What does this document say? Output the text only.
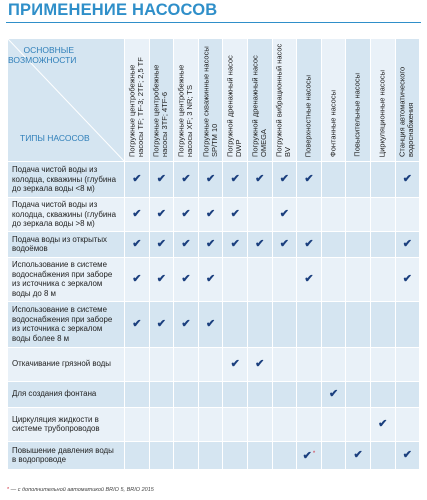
ПРИМЕНЕНИЕ НАСОСОВ
ОСНОВНЫЕ ВОЗМОЖНОСТИ
ТИПЫ НАСОСОВ	Погружные центробежные насосы TF; TF-3; 2TF; 2,5 TF	Погружные центробежные насосы 3TF; 4TF-6	Погружные центробежные насосы XF; 3 NR; TS	Погружные скважинные насосы SP/TM 10	Погружной дренажный насос DWP	Погружной дренажный насос OMEGA	Погружной вибрационный насос BV	Поверхностные насосы	Фонтанные насосы	Повысительные насосы	Циркуляционные насосы	Станция автоматического водоснабжения

Подача чистой воды из колодца, скважины (глубина до зеркала воды <8 м)	✔	✔	✔	✔	✔	✔	✔	✔				✔
Подача чистой воды из колодца, скважины (глубина до зеркала воды >8 м)	✔	✔	✔	✔	✔		✔					
Подача воды из открытых водоёмов	✔	✔	✔	✔	✔	✔	✔	✔				✔
Использование в системе водоснабжения при заборе из источника с зеркалом воды до 8 м	✔	✔	✔	✔				✔				✔
Использование в системе водоснабжения при заборе из источника с зеркалом воды более 8 м	✔	✔	✔	✔								
Откачивание грязной воды					✔	✔						
Для создания фонтана									✔			
Циркуляция жидкости в системе трубопроводов											✔	
Повышение давления воды в водопроводе								✔*		✔		✔
* — с дополнительной автоматикой BRIO 5, BRIO 2015
